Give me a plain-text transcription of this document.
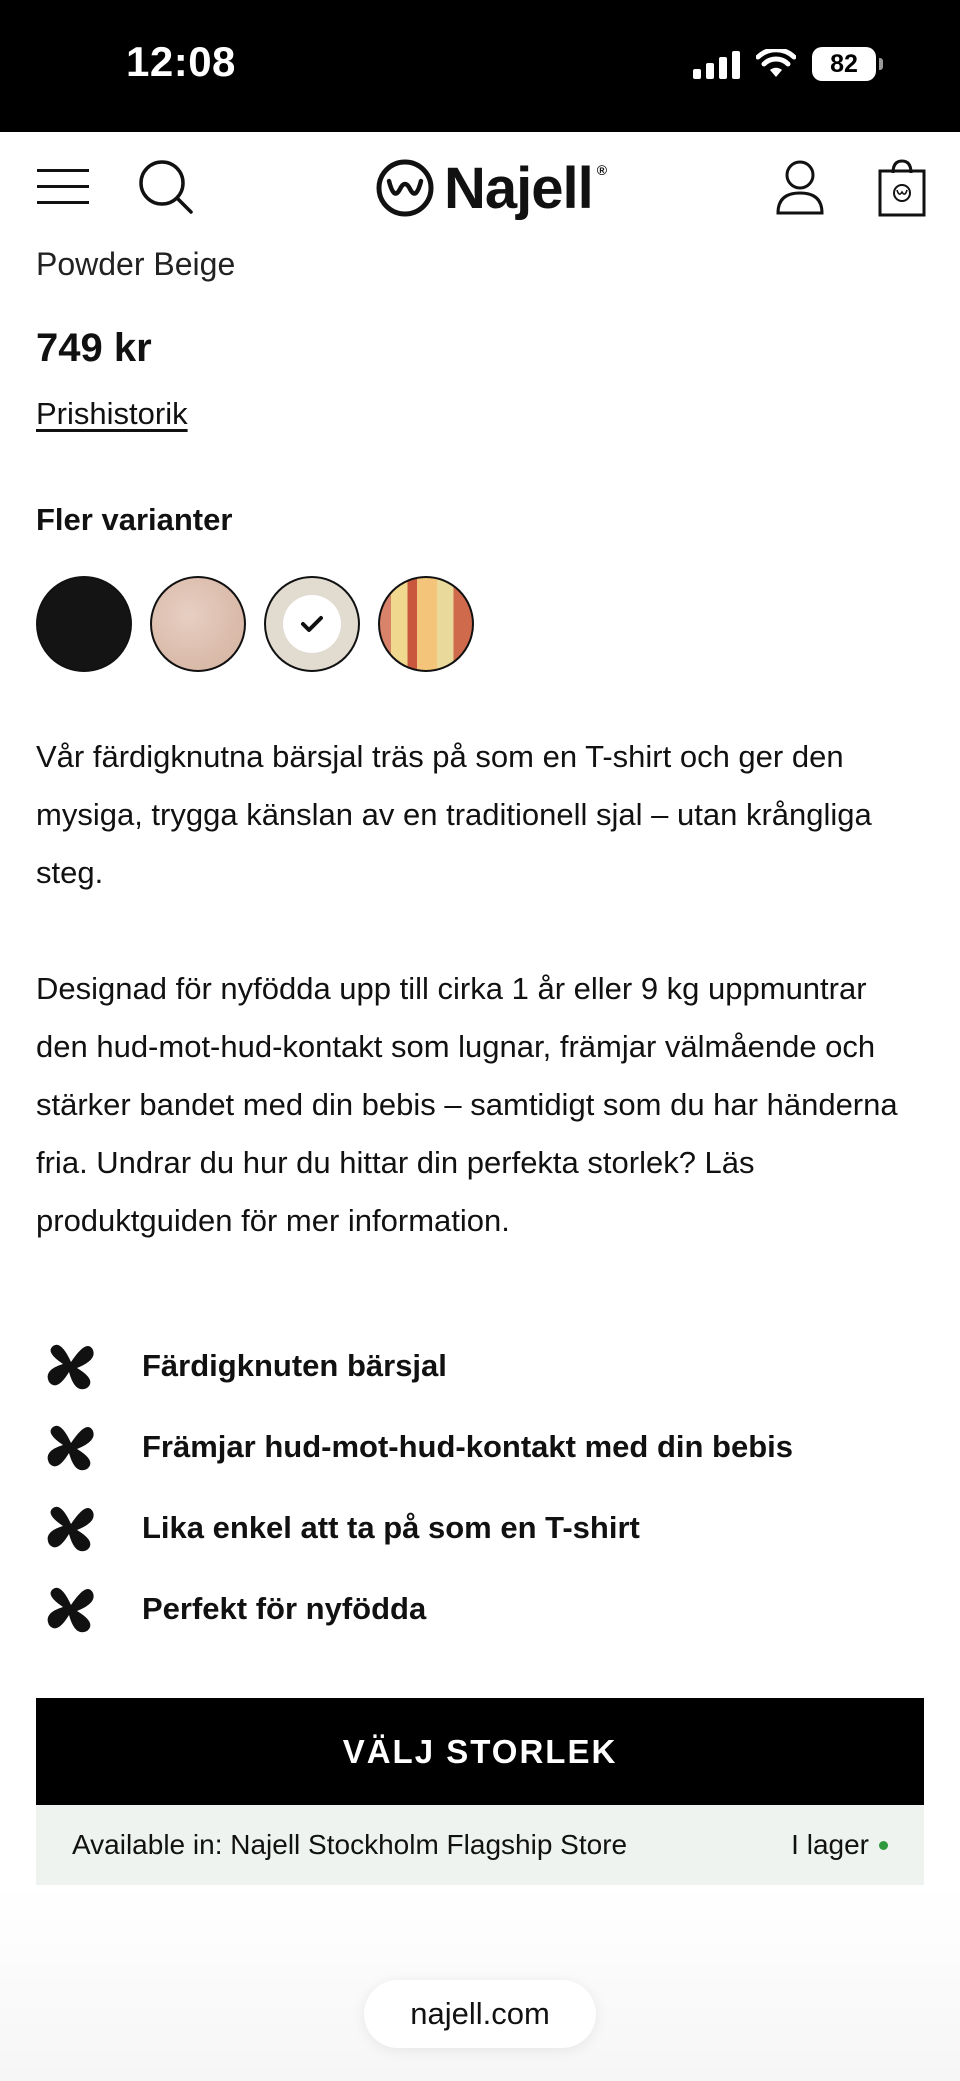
12:08	82
Najell ®
Powder Beige
749 kr
Prishistorik
Fler varianter

Vår färdigknutna bärsjal träs på som en T-shirt och ger den mysiga, trygga känslan av en traditionell sjal – utan krångliga steg.

Designad för nyfödda upp till cirka 1 år eller 9 kg uppmuntrar den hud-mot-hud-kontakt som lugnar, främjar välmående och stärker bandet med din bebis – samtidigt som du har händerna fria. Undrar du hur du hittar din perfekta storlek? Läs produktguiden för mer information.

Färdigknuten bärsjal
Främjar hud-mot-hud-kontakt med din bebis
Lika enkel att ta på som en T-shirt
Perfekt för nyfödda
VÄLJ STORLEK
Available in: Najell Stockholm Flagship Store	I lager
najell.com
